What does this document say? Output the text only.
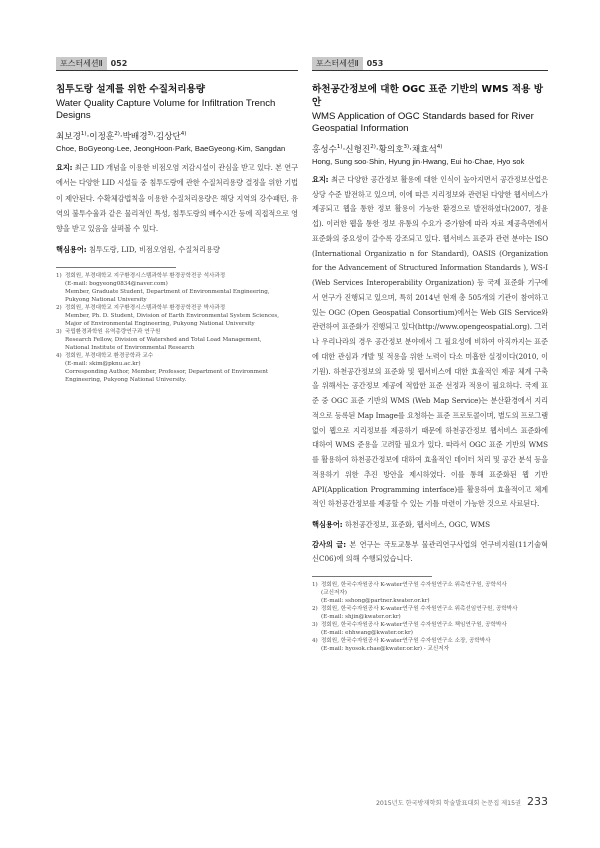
포스터세션Ⅱ	052
침투도랑 설계를 위한 수질처리용량

Water Quality Capture Volume for Infiltration Trench Designs

최보경$^{1)}$·이정훈$^{2)}$·박배경$^{3)}$·김상단$^{4)}$

Choe, BoGyeong·Lee, JeongHoon·Park, BaeGyeong·Kim, Sangdan

요지: 최근 LID 개념을 이용한 비점오염 저감시설이 관심을 받고 있다. 본 연구에서는 다양한 LID 시설들 중 침투도랑에 관한 수질처리용량 결정을 위한 기법이 제안된다. 수확체감법칙을 이용한 수질처리용량은 해당 지역의 강수패턴, 유역의 불투수율과 같은 물리적인 특성, 침투도랑의 배수시간 등에 직접적으로 영향을 받고 있음을 살펴볼 수 있다.

핵심용어: 침투도랑, LID, 비점오염원, 수질처리용량

1) 정회원, 부경대학교 지구환경시스템과학부 환경공학전공 석사과정
(E-mail: bogyeong0834@naver.com)
Member, Graduate Student, Department of Environmental Engineering,
Pukyong National University
2) 정회원, 부경대학교 지구환경시스템과학부 환경공학전공 박사과정
Member, Ph. D. Student, Division of Earth Environmental System Sciences,
Major of Environmental Engineering, Pukyong National University
3) 국립환경과학원 유역총량연구과 연구원
Research Fellow, Division of Watershed and Total Load Management,
National Institute of Environmental Research
4) 정회원, 부경대학교 환경공학과 교수
(E-mail: skim@pknu.ac.kr)
Corresponding Author, Member, Professor, Department of Environment
Engineering, Pukyong National University.
포스터세션Ⅱ	053
하천공간정보에 대한 OGC 표준 기반의 WMS 적용 방안

WMS Application of OGC Standards based for River Geospatial Information

홍성수$^{1)}$·신형진$^{2)}$·황의호$^{3)}$·채효석$^{4)}$

Hong, Sung soo·Shin, Hyung jin·Hwang, Eui ho·Chae, Hyo sok

요지: 최근 다양한 공간정보 활용에 대한 인식이 높아지면서 공간정보산업은 상당 수준 발전하고 있으며, 이에 따른 지리정보와 관련된 다양한 웹서비스가 제공되고 웹을 통한 정보 활용이 가능한 환경으로 발전하였다(2007, 정윤섭). 이러한 웹을 통한 정보 유통의 수요가 증가함에 따라 자료 제공측면에서 표준화의 중요성이 갈수록 강조되고 있다. 웹서비스 표준과 관련 분야는 ISO (International Organizatio n for Standard), OASIS (Organization for the Advancement of Structured Information Standards ), WS-I (Web Services Interoperability Organization) 등 국제 표준화 기구에서 연구가 진행되고 있으며, 특히 2014년 현재 총 505개의 기관이 참여하고 있는 OGC (Open Geospatial Consortium)에서는 Web GIS Service와 관련하여 표준화가 진행되고 있다(http://www.opengeospatial.org). 그러나 우리나라의 경우 공간정보 분야에서 그 필요성에 비하여 아직까지는 표준에 대한 관심과 개발 및 적용을 위한 노력이 다소 미흡한 실정이다(2010, 이기원). 하천공간정보의 표준화 및 웹서비스에 대한 효율적인 제공 체계 구축을 위해서는 공간정보 제공에 적합한 표준 선정과 적용이 필요하다. 국제 표준 중 OGC 표준 기반의 WMS (Web Map Service)는 분산환경에서 지리적으로 등록된 Map Image를 요청하는 표준 프로토콜이며, 별도의 프로그램 없이 웹으로 지리정보를 제공하기 때문에 하천공간정보 웹서비스 표준화에 대하여 WMS 준용을 고려할 필요가 있다. 따라서 OGC 표준 기반의 WMS를 활용하여 하천공간정보에 대하여 효율적인 데이터 처리 및 공간 분석 등을 적용하기 위한 추진 방안을 제시하였다. 이를 통해 표준화된 웹 기반 API(Application Programming interface)를 활용하여 효율적이고 체계적인 하천공간정보를 제공할 수 있는 기틀 마련이 가능한 것으로 사료된다.

핵심용어: 하천공간정보, 표준화, 웹서비스, OGC, WMS

감사의 글: 본 연구는 국토교통부 물관리연구사업의 연구비지원(11기술혁신C06)에 의해 수행되었습니다.

1) 정회원, 한국수자원공사 K-water연구원 수자원연구소 위촉연구원, 공학석사
(교신저자)
(E-mail: sshong@partner.kwater.or.kr)
2) 정회원, 한국수자원공사 K-water연구원 수자원연구소 위촉선임연구원, 공학박사
(E-mail: shjin@kwater.or.kr)
3) 정회원, 한국수자원공사 K-water연구원 수자원연구소 책임연구원, 공학박사
(E-mail: ehhwang@kwater.or.kr)
4) 정회원, 한국수자원공사 K-water연구원 수자원연구소 소장, 공학박사
(E-mail: hyosok.chae@kwater.or.kr) - 교신저자
2015년도 한국방재학회 학술발표대회 논문집 제15권 233
